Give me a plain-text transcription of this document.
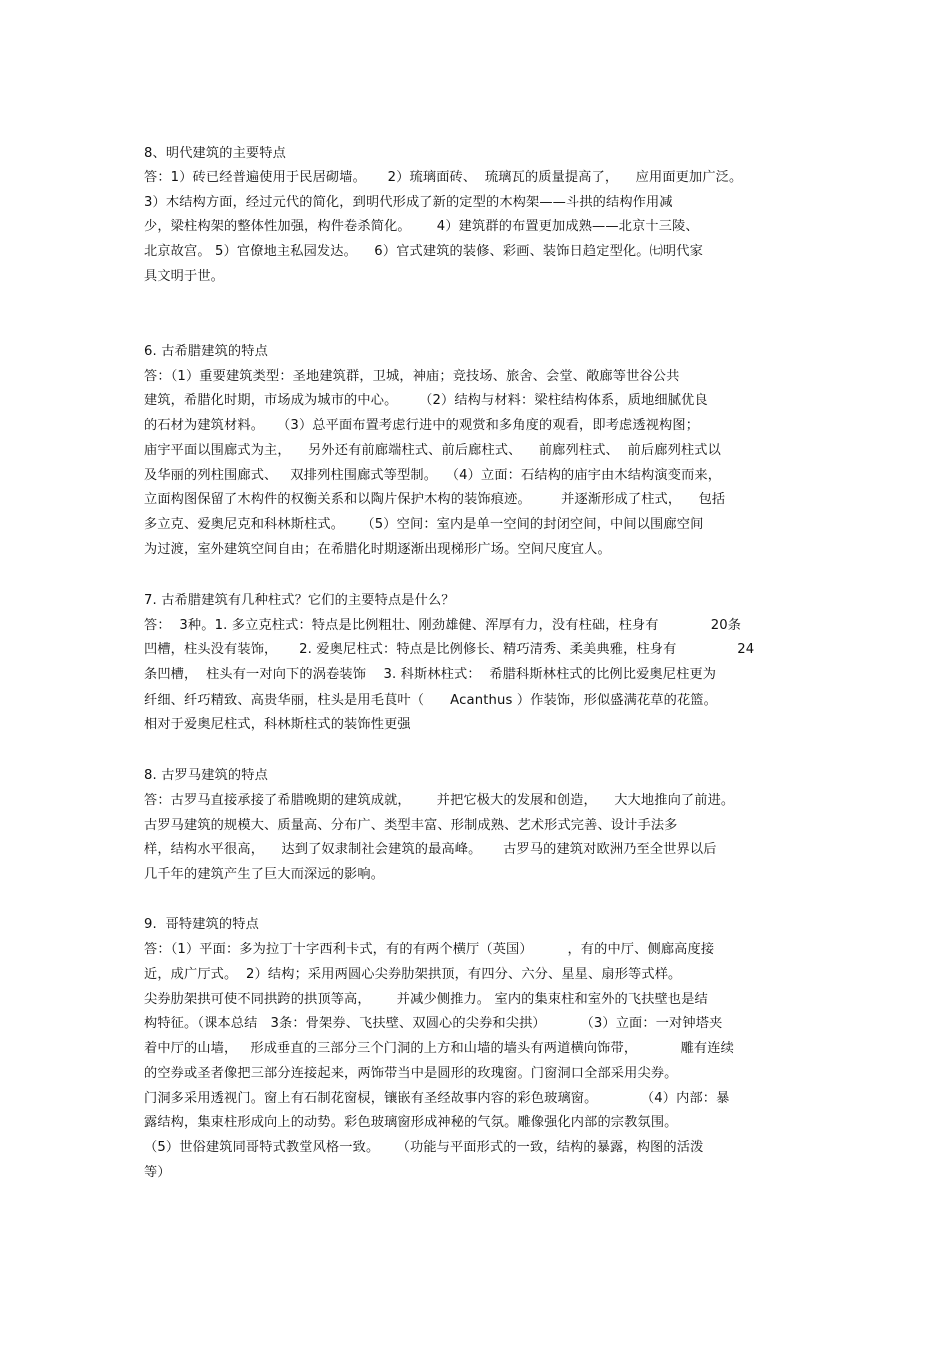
8、明代建筑的主要特点
答：1）砖已经普遍使用于民居砌墙。     2）琉璃面砖、  琉璃瓦的质量提高了，    应用面更加广泛。
3）木结构方面，经过元代的简化，到明代形成了新的定型的木构架——斗拱的结构作用减
少，梁柱构架的整体性加强，构件卷杀简化。      4）建筑群的布置更加成熟——北京十三陵、
北京故宫。 5）官僚地主私园发达。    6）官式建筑的装修、彩画、装饰日趋定型化。㈦明代家
具文明于世。
6. 古希腊建筑的特点
答：（1）重要建筑类型：圣地建筑群，卫城，神庙；竞技场、旅舍、会堂、敞廊等世谷公共
建筑，希腊化时期，市场成为城市的中心。     （2）结构与材料：梁柱结构体系，质地细腻优良
的石材为建筑材料。   （3）总平面布置考虑行进中的观赏和多角度的观看，即考虑透视构图；
庙宇平面以围廊式为主，    另外还有前廊端柱式、前后廊柱式、    前廊列柱式、  前后廊列柱式以
及华丽的列柱围廊式、   双排列柱围廊式等型制。  （4）立面：石结构的庙宇由木结构演变而来，
立面构图保留了木构件的权衡关系和以陶片保护木构的装饰痕迹。       并逐渐形成了柱式，    包括
多立克、爱奥尼克和科林斯柱式。    （5）空间：室内是单一空间的封闭空间，中间以围廊空间
为过渡，室外建筑空间自由；在希腊化时期逐渐出现梯形广场。空间尺度宜人。
7. 古希腊建筑有几种柱式？它们的主要特点是什么？
答：  3种。1. 多立克柱式：特点是比例粗壮、刚劲雄健、浑厚有力，没有柱础，柱身有            20条
凹槽，柱头没有装饰，     2. 爱奥尼柱式：特点是比例修长、精巧清秀、柔美典雅，柱身有              24
条凹槽，  柱头有一对向下的涡卷装饰    3. 科斯林柱式：  希腊科斯林柱式的比例比爱奥尼柱更为
纤细、纤巧精致、高贵华丽，柱头是用毛茛叶（      Acanthus ）作装饰，形似盛满花草的花篮。
相对于爱奥尼柱式，科林斯柱式的装饰性更强
8. 古罗马建筑的特点
答：古罗马直接承接了希腊晚期的建筑成就，      并把它极大的发展和创造，    大大地推向了前进。
古罗马建筑的规模大、质量高、分布广、类型丰富、形制成熟、艺术形式完善、设计手法多
样，结构水平很高，    达到了奴隶制社会建筑的最高峰。     古罗马的建筑对欧洲乃至全世界以后
几千年的建筑产生了巨大而深远的影响。
9.  哥特建筑的特点
答：（1）平面：多为拉丁十字西利卡式，有的有两个横厅（英国）        ，有的中厅、侧廊高度接
近，成广厅式。  2）结构；采用两圆心尖券肋架拱顶，有四分、六分、星星、扇形等式样。
尖券肋架拱可使不同拱跨的拱顶等高，      并减少侧推力。 室内的集束柱和室外的飞扶壁也是结
构特征。（课本总结   3条：骨架券、飞扶壁、双圆心的尖券和尖拱）        （3）立面：一对钟塔夹
着中厅的山墙，   形成垂直的三部分三个门洞的上方和山墙的墙头有两道横向饰带，          雕有连续
的空券或圣者像把三部分连接起来，两饰带当中是圆形的玫瑰窗。门窗洞口全部采用尖券。
门洞多采用透视门。窗上有石制花窗棂，镶嵌有圣经故事内容的彩色玻璃窗。          （4）内部：暴
露结构，集束柱形成向上的动势。彩色玻璃窗形成神秘的气氛。雕像强化内部的宗教氛围。
（5）世俗建筑同哥特式教堂风格一致。    （功能与平面形式的一致，结构的暴露，构图的活泼
等）
